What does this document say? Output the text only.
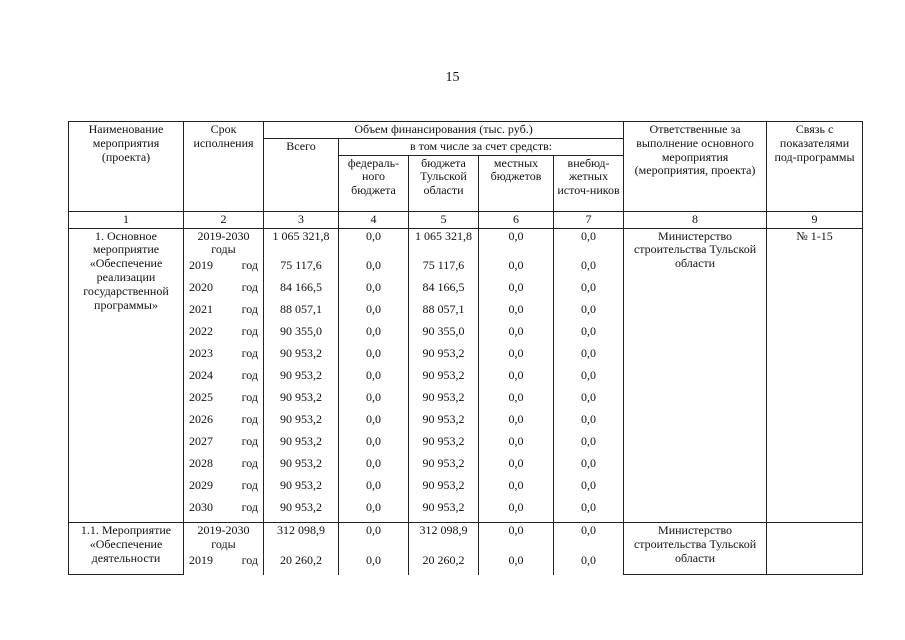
15
Наименование мероприятия (проекта)	Срок исполнения	Объем финансирования (тыс. руб.)					Ответственные за выполнение основного мероприятия (мероприятия, проекта)	Связь с показателями под-программы
		Всего	в том числе за счет средств:					
			федераль-ного бюджета	бюджета Тульской области	местных бюджетов	внебюд-жетных источ-ников		
1	2	3	4	5	6	7	8	9
1. Основное мероприятие «Обеспечение реализации государственной программы»	2019-2030 годы	1 065 321,8	0,0	1 065 321,8	0,0	0,0	Министерство строительства Тульской области	№ 1-15

	2019 год	75 117,6	0,0	75 117,6	0,0	0,0		

	2020 год	84 166,5	0,0	84 166,5	0,0	0,0		

	2021 год	88 057,1	0,0	88 057,1	0,0	0,0		

	2022 год	90 355,0	0,0	90 355,0	0,0	0,0		

	2023 год	90 953,2	0,0	90 953,2	0,0	0,0		

	2024 год	90 953,2	0,0	90 953,2	0,0	0,0		

	2025 год	90 953,2	0,0	90 953,2	0,0	0,0		

	2026 год	90 953,2	0,0	90 953,2	0,0	0,0		

	2027 год	90 953,2	0,0	90 953,2	0,0	0,0		

	2028 год	90 953,2	0,0	90 953,2	0,0	0,0		

	2029 год	90 953,2	0,0	90 953,2	0,0	0,0		

	2030 год	90 953,2	0,0	90 953,2	0,0	0,0		
1.1. Мероприятие «Обеспечение деятельности	2019-2030 годы	312 098,9	0,0	312 098,9	0,0	0,0	Министерство строительства Тульской области	

	2019 год	20 260,2	0,0	20 260,2	0,0	0,0		
